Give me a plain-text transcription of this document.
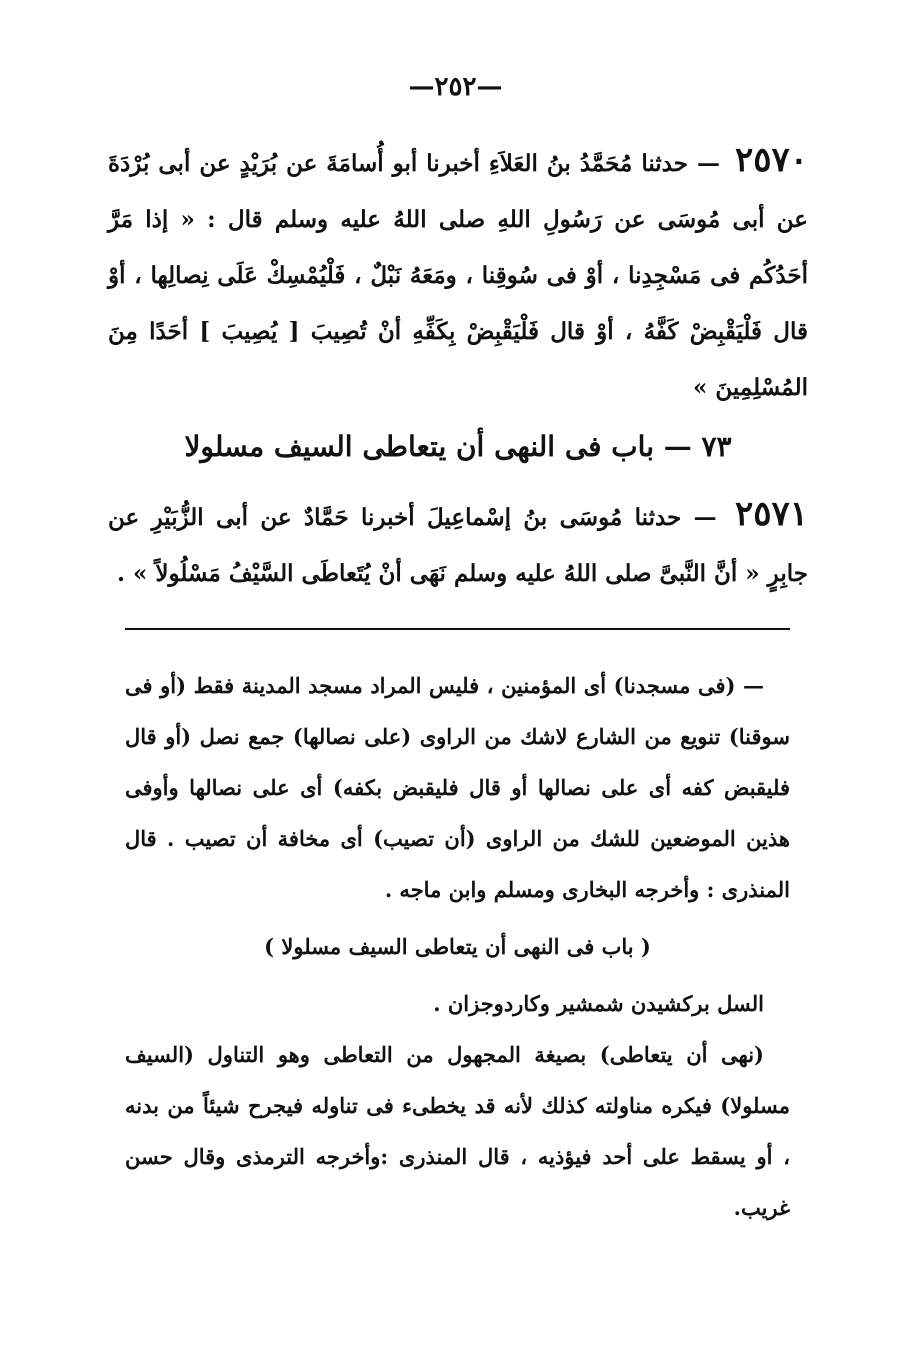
—٢٥٢—
٢٥٧٠ — حدثنا مُحَمَّدُ بنُ العَلاَءِ أخبرنا أبو أُسامَةَ عن بُرَيْدٍ عن أبى بُرْدَةَ عن أبى مُوسَى عن رَسُولِ اللهِ صلى اللهُ عليه وسلم قال : « إذا مَرَّ أحَدُكُم فى مَسْجِدِنا ، أوْ فى سُوقِنا ، ومَعَهُ نَبْلٌ ، فَلْيُمْسِكْ عَلَى نِصالِها ، أوْ قال فَلْيَقْبِضْ كَفَّهُ ، أوْ قال فَلْيَقْبِضْ بِكَفِّهِ أنْ تُصِيبَ [ يُصِيبَ ] أحَدًا مِنَ المُسْلِمِينَ »
٧٣ — باب فى النهى أن يتعاطى السيف مسلولا
٢٥٧١ — حدثنا مُوسَى بنُ إسْماعِيلَ أخبرنا حَمَّادٌ عن أبى الزُّبَيْرِ عن جابِرٍ « أنَّ النَّبىَّ صلى اللهُ عليه وسلم نَهَى أنْ يُتَعاطَى السَّيْفُ مَسْلُولاً » .

— (فى مسجدنا) أى المؤمنين ، فليس المراد مسجد المدينة فقط (أو فى سوقنا) تنويع من الشارع لاشك من الراوى (على نصالها) جمع نصل (أو قال فليقبض كفه أى على نصالها أو قال فليقبض بكفه) أى على نصالها وأوفى هذين الموضعين للشك من الراوى (أن تصيب) أى مخافة أن تصيب . قال المنذرى : وأخرجه البخارى ومسلم وابن ماجه .

( باب فى النهى أن يتعاطى السيف مسلولا )

السل بركشيدن شمشير وكاردوجزان .

(نهى أن يتعاطى) بصيغة المجهول من التعاطى وهو التناول (السيف مسلولا) فيكره مناولته كذلك لأنه قد يخطىء فى تناوله فيجرح شيئاً من بدنه ، أو يسقط على أحد فيؤذيه ، قال المنذرى :وأخرجه الترمذى وقال حسن غريب.
